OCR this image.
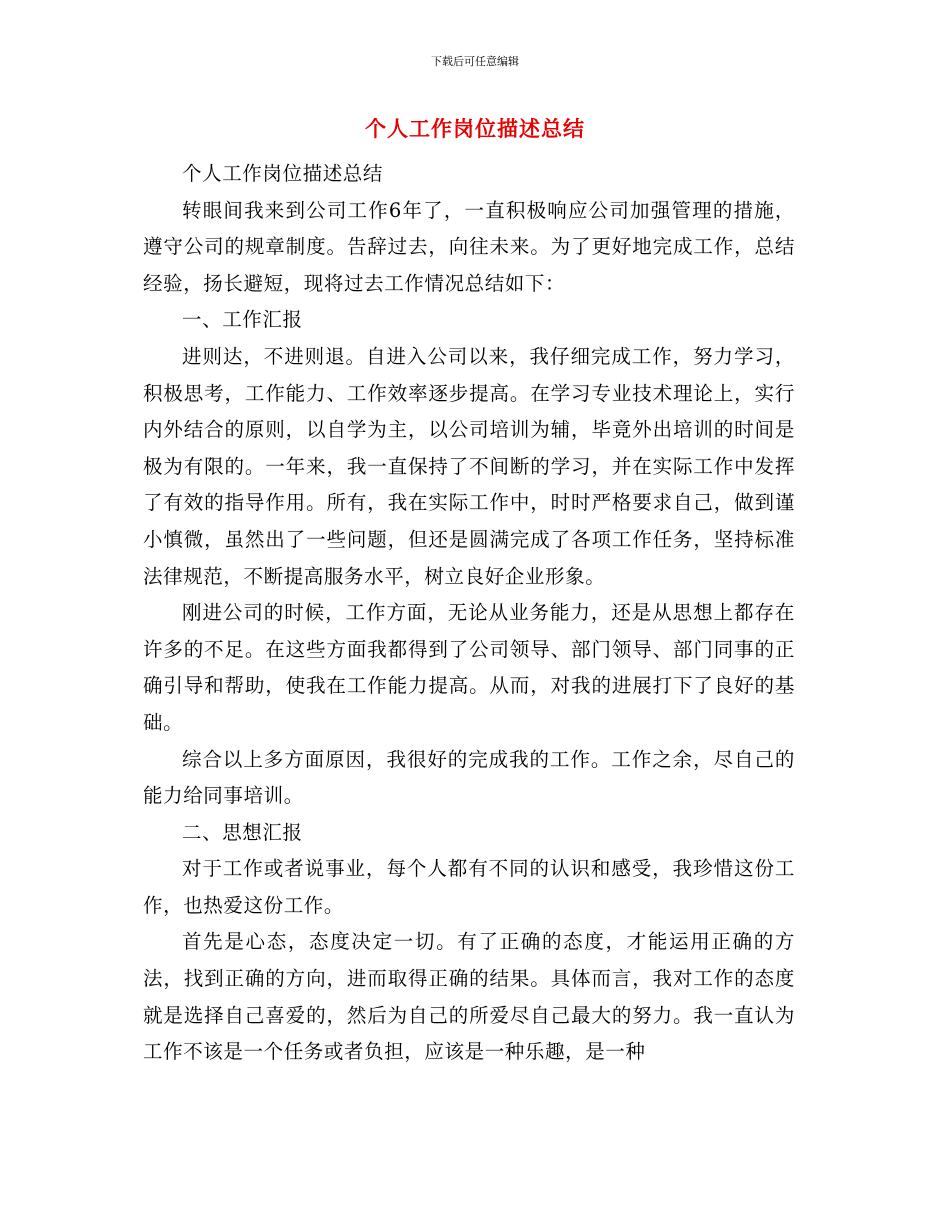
下载后可任意编辑
个人工作岗位描述总结

个人工作岗位描述总结

转眼间我来到公司工作6年了，一直积极响应公司加强管理的措施，遵守公司的规章制度。告辞过去，向往未来。为了更好地完成工作，总结经验，扬长避短，现将过去工作情况总结如下：

一、工作汇报

进则达，不进则退。自进入公司以来，我仔细完成工作，努力学习，积极思考，工作能力、工作效率逐步提高。在学习专业技术理论上，实行内外结合的原则，以自学为主，以公司培训为辅，毕竟外出培训的时间是极为有限的。一年来，我一直保持了不间断的学习，并在实际工作中发挥了有效的指导作用。所有，我在实际工作中，时时严格要求自己，做到谨小慎微，虽然出了一些问题，但还是圆满完成了各项工作任务，坚持标准法律规范，不断提高服务水平，树立良好企业形象。

刚进公司的时候，工作方面，无论从业务能力，还是从思想上都存在许多的不足。在这些方面我都得到了公司领导、部门领导、部门同事的正确引导和帮助，使我在工作能力提高。从而，对我的进展打下了良好的基础。

综合以上多方面原因，我很好的完成我的工作。工作之余，尽自己的能力给同事培训。

二、思想汇报

对于工作或者说事业，每个人都有不同的认识和感受，我珍惜这份工作，也热爱这份工作。

首先是心态，态度决定一切。有了正确的态度，才能运用正确的方法，找到正确的方向，进而取得正确的结果。具体而言，我对工作的态度就是选择自己喜爱的，然后为自己的所爱尽自己最大的努力。我一直认为工作不该是一个任务或者负担，应该是一种乐趣，是一种
